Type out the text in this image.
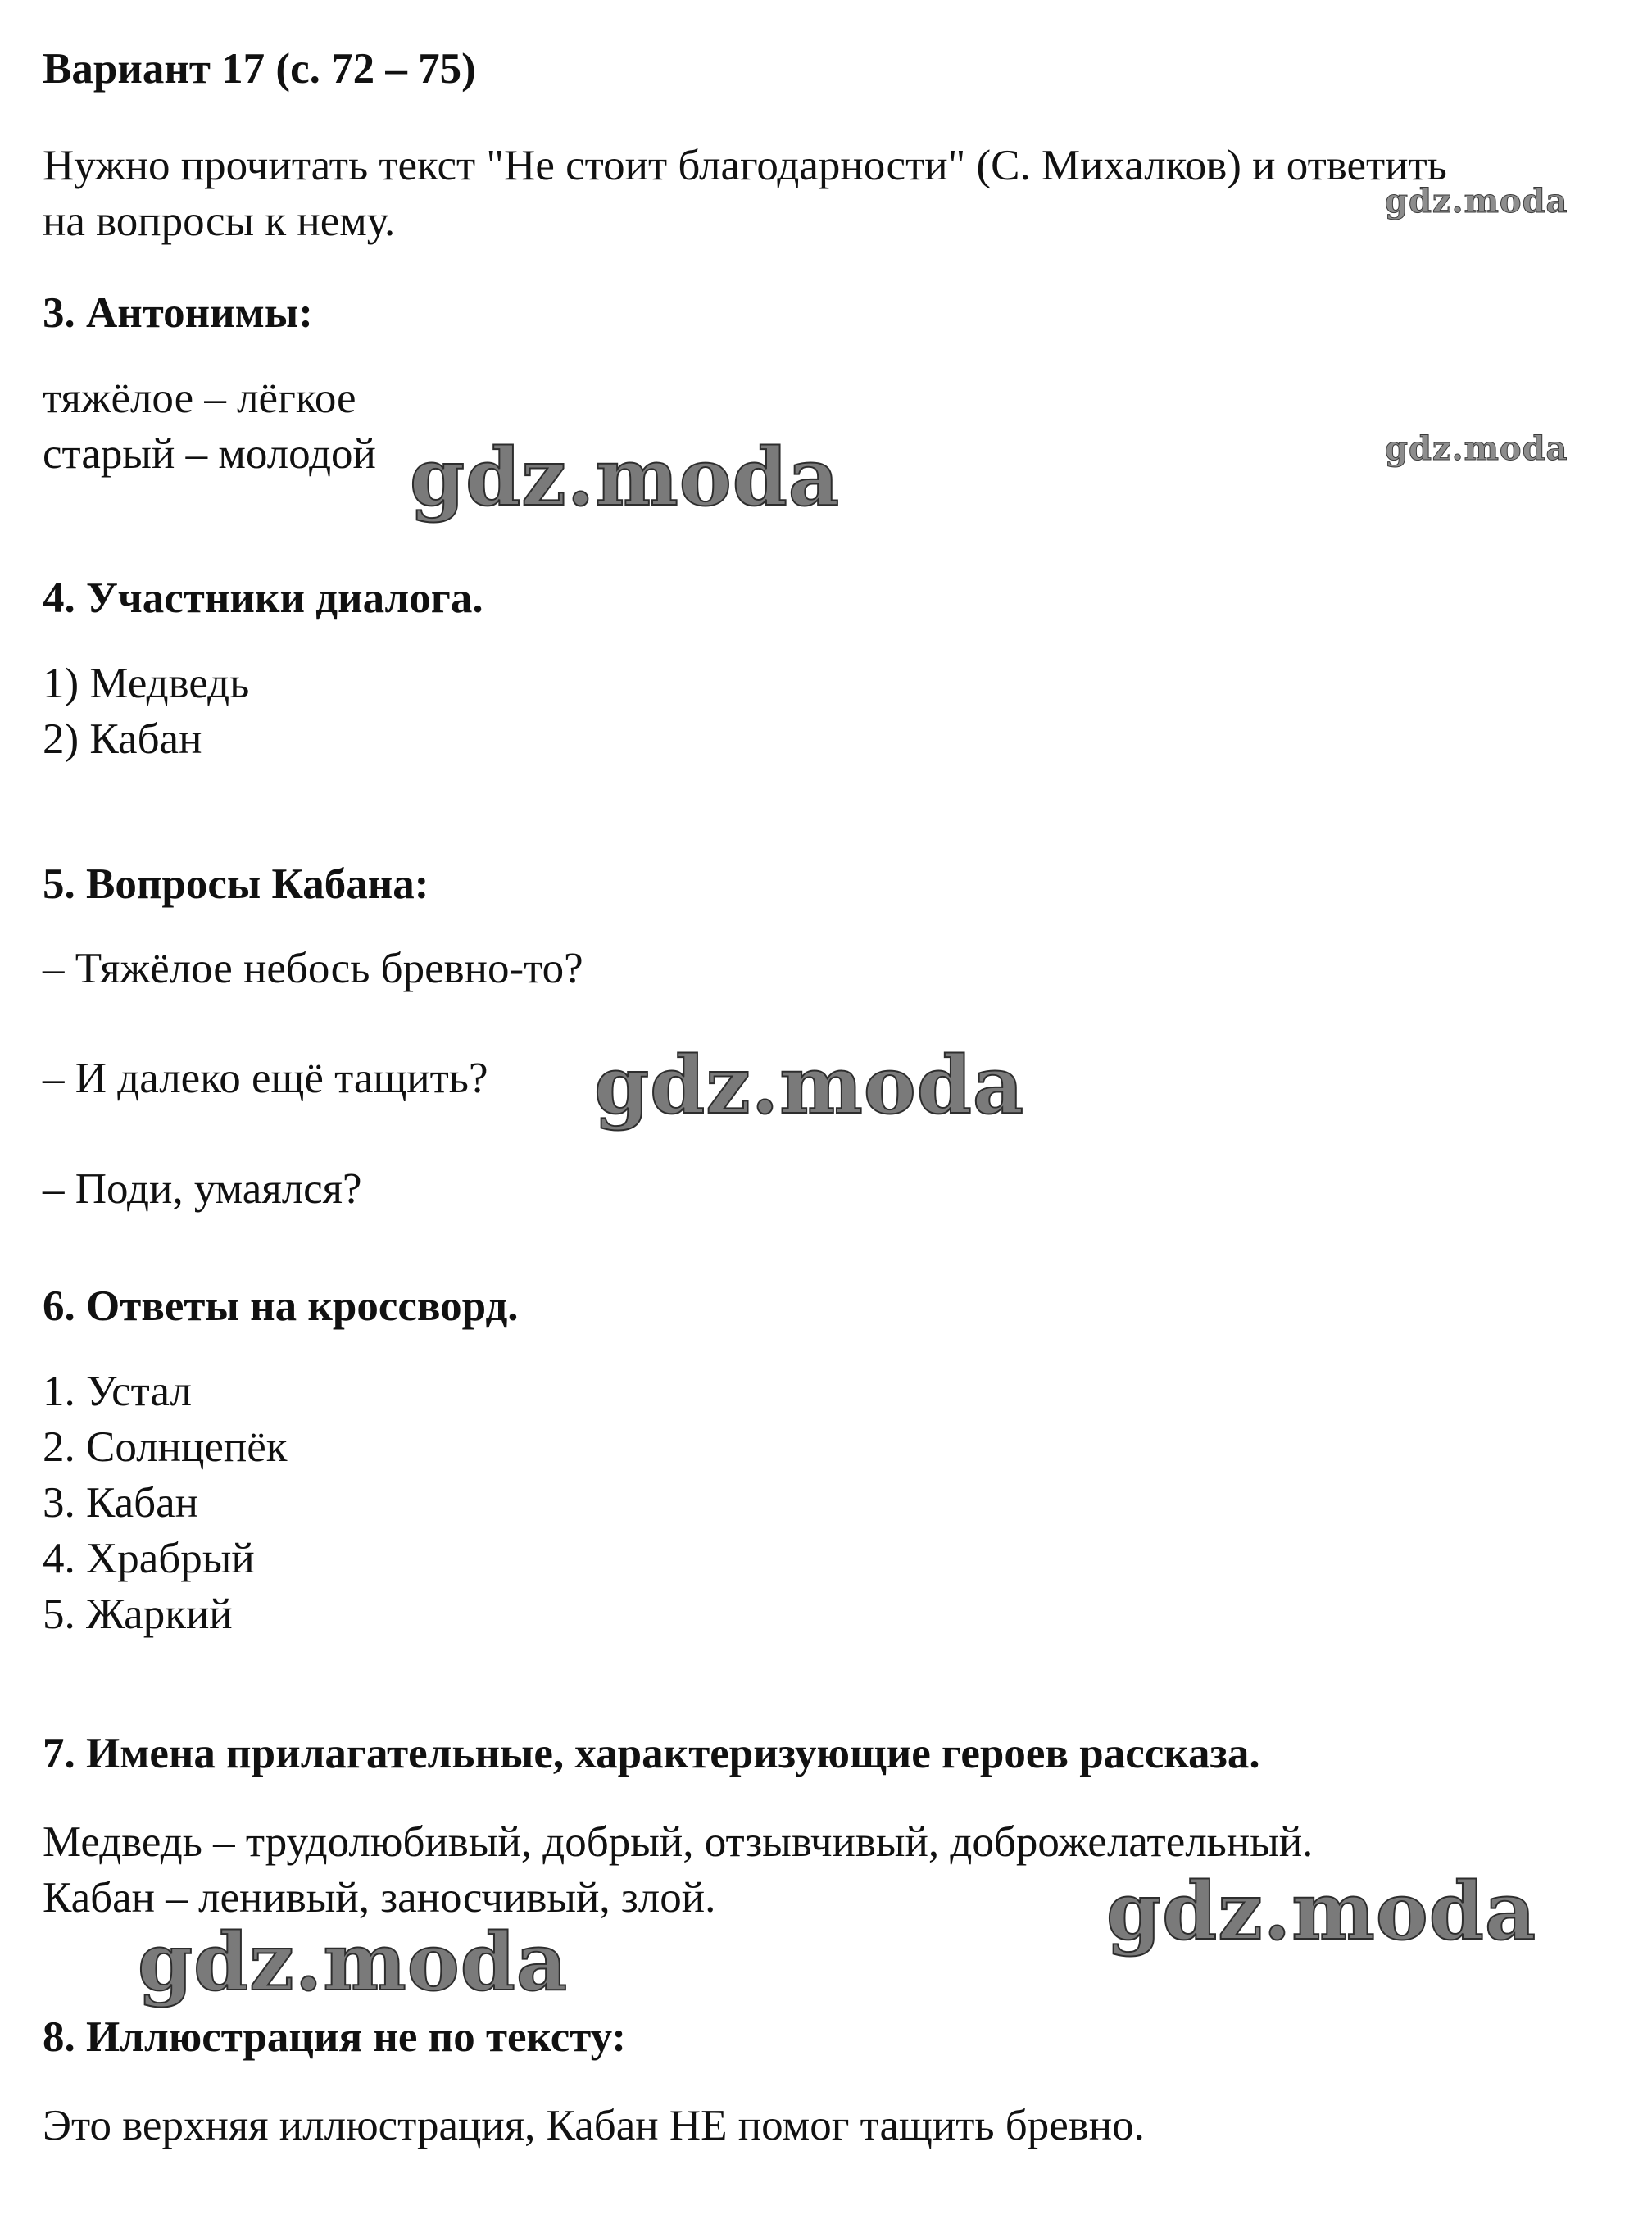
Вариант 17 (с. 72 – 75)
Нужно прочитать текст "Не стоит благодарности" (С. Михалков) и ответить
на вопросы к нему.
3. Антонимы:
тяжёлое – лёгкое
старый – молодой
4. Участники диалога.
1) Медведь
2) Кабан
5. Вопросы Кабана:
– Тяжёлое небось бревно-то?
– И далеко ещё тащить?
– Поди, умаялся?
6. Ответы на кроссворд.
1. Устал
2. Солнцепёк
3. Кабан
4. Храбрый
5. Жаркий
7. Имена прилагательные, характеризующие героев рассказа.
Медведь – трудолюбивый, добрый, отзывчивый, доброжелательный.
Кабан – ленивый, заносчивый, злой.
8. Иллюстрация не по тексту:
Это верхняя иллюстрация, Кабан НЕ помог тащить бревно.
gdz.moda
gdz.moda
gdz.moda
gdz.moda
gdz.moda
gdz.moda
